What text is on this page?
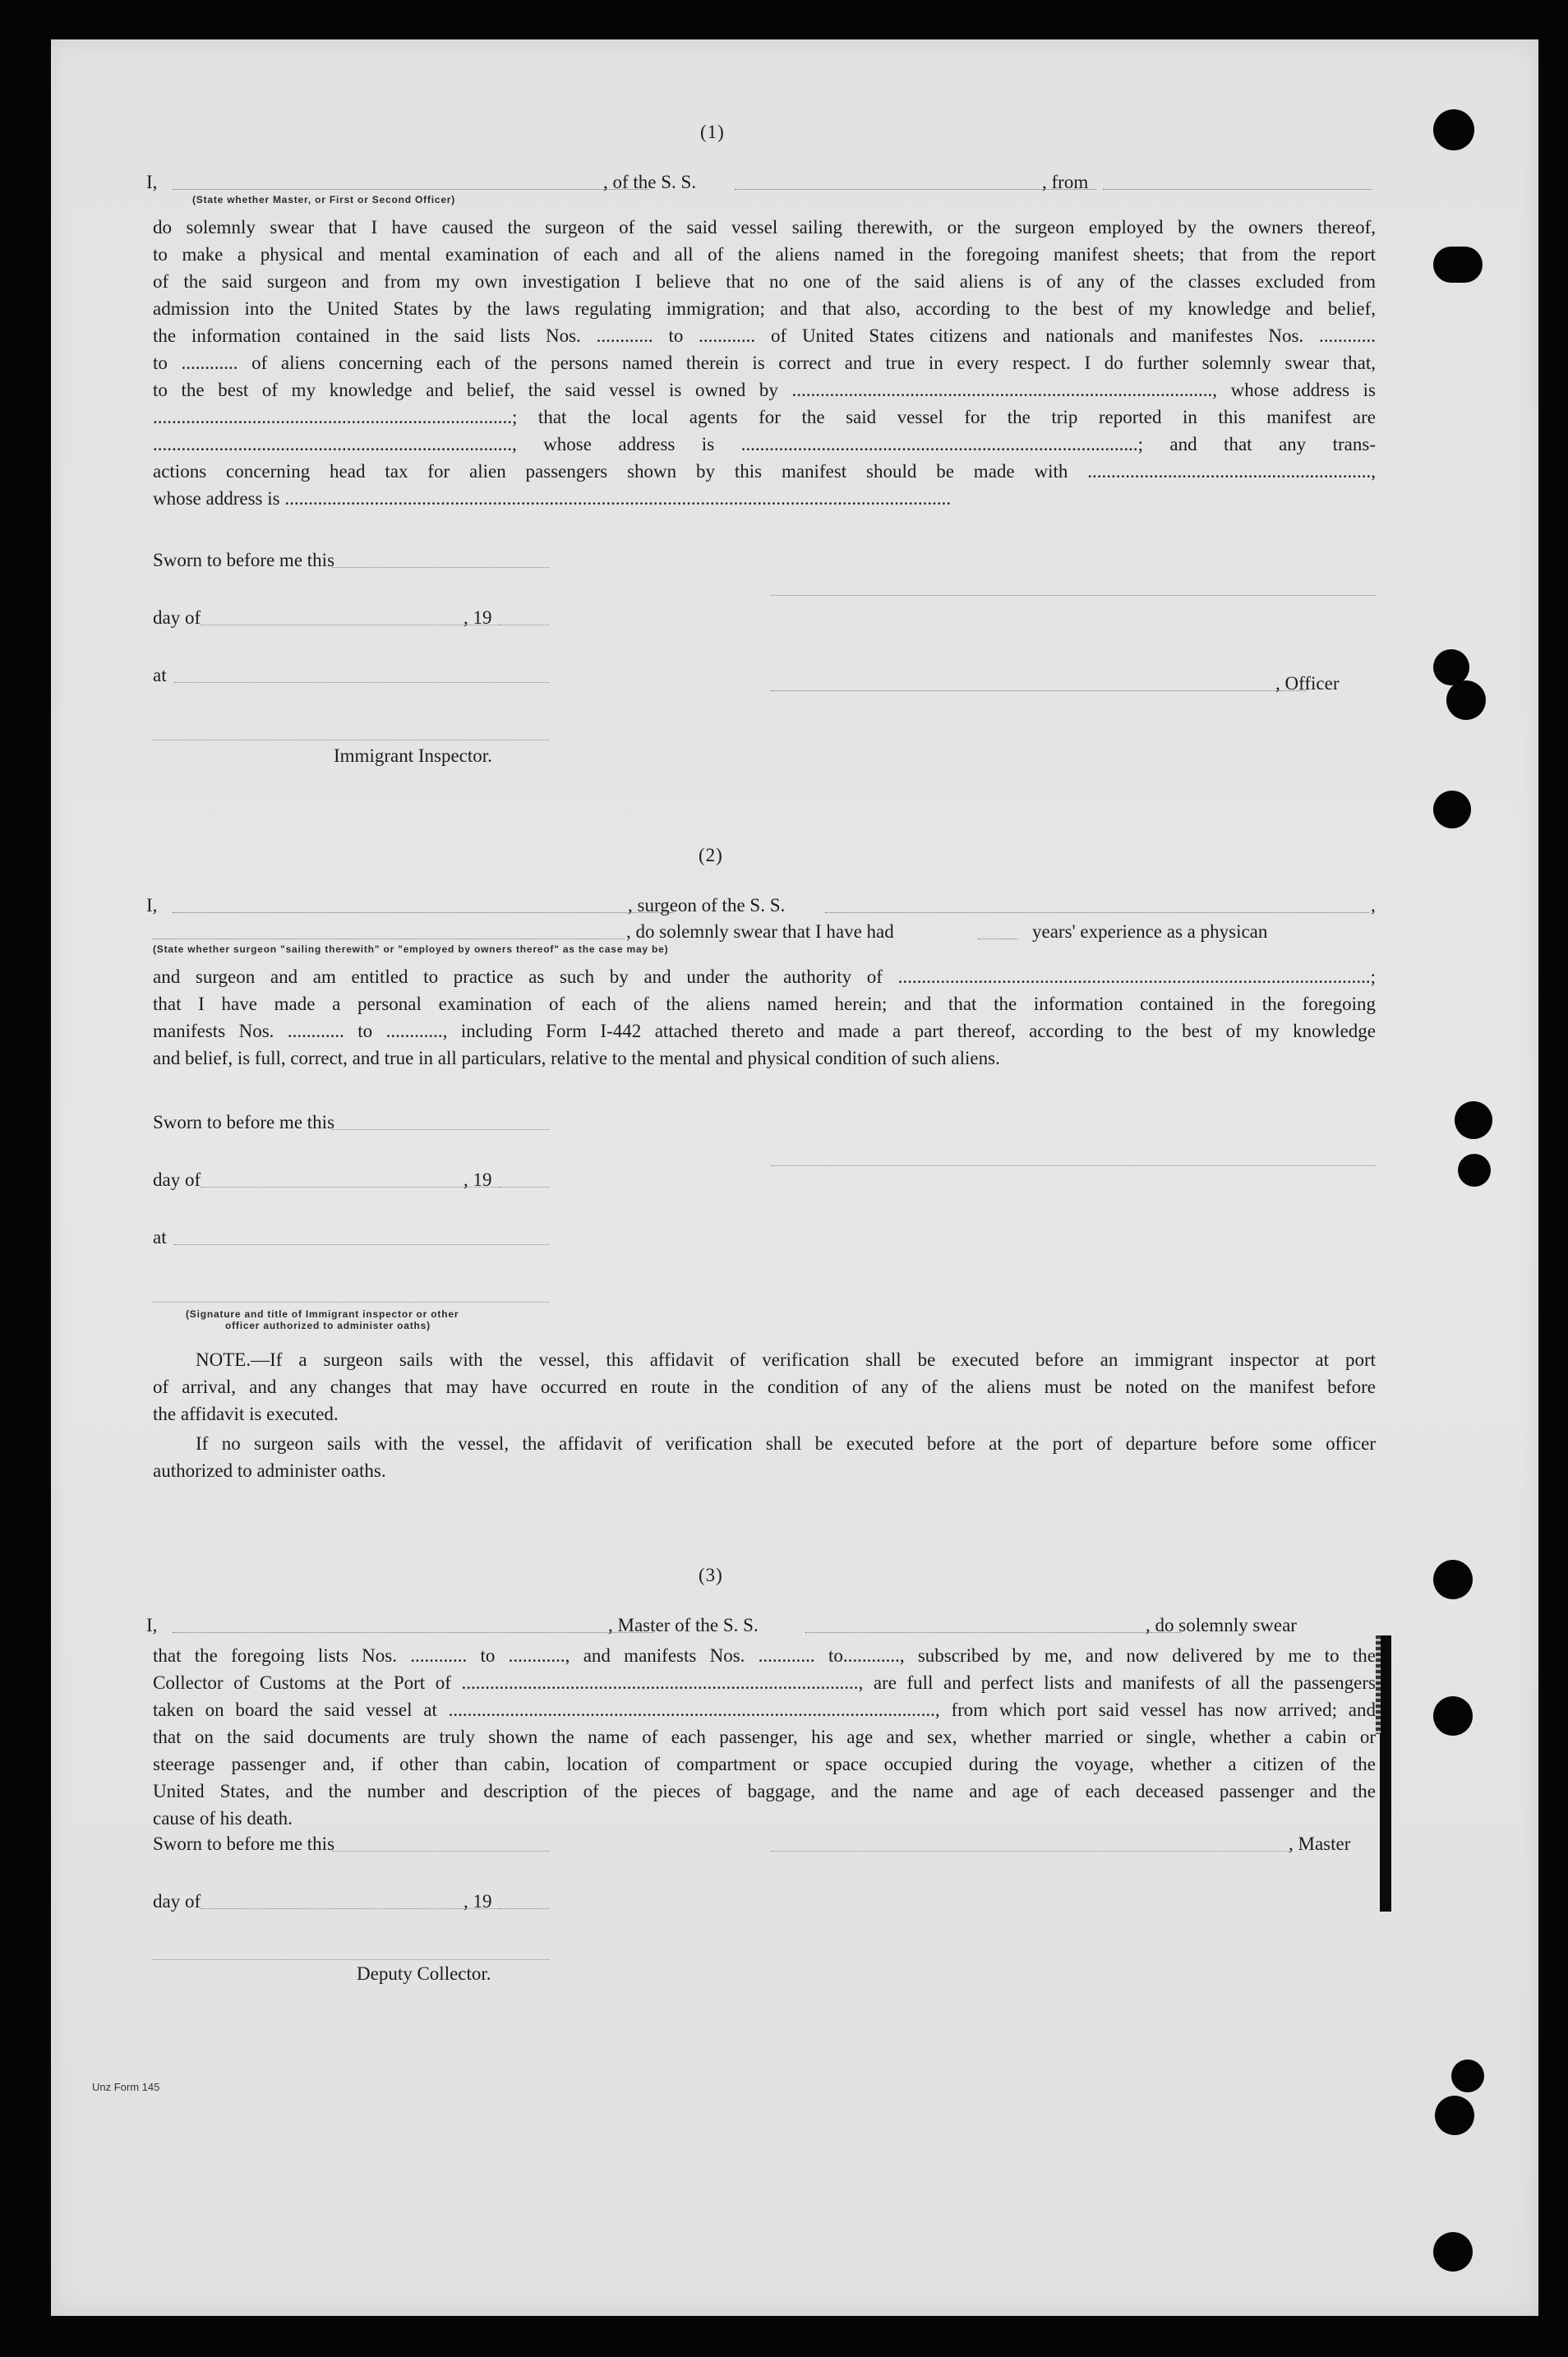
(1)
I,	, of the S. S.	, from
(State whether Master, or First or Second Officer)
do solemnly swear that I have caused the surgeon of the said vessel sailing therewith, or the surgeon employed by the owners thereof,
to make a physical and mental examination of each and all of the aliens named in the foregoing manifest sheets; that from the report
of the said surgeon and from my own investigation I believe that no one of the said aliens is of any of the classes excluded from
admission into the United States by the laws regulating immigration; and that also, according to the best of my knowledge and belief,
the information contained in the said lists Nos. ............ to ............ of United States citizens and nationals and manifestes Nos. ............
to ............ of aliens concerning each of the persons named therein is correct and true in every respect. I do further solemnly swear that,
to the best of my knowledge and belief, the said vessel is owned by ........................................................................................., whose address is
............................................................................; that the local agents for the said vessel for the trip reported in this manifest are
............................................................................, whose address is ....................................................................................; and that any trans-
actions concerning head tax for alien passengers shown by this manifest should be made with ............................................................,
whose address is .............................................................................................................................................
Sworn to before me this
day of	, 19
at	, Officer
Immigrant Inspector.
(2)
I,	, surgeon of the S. S.	,
, do solemnly swear that I have had	years' experience as a physican
(State whether surgeon "sailing therewith" or "employed by owners thereof" as the case may be)
and surgeon and am entitled to practice as such by and under the authority of ....................................................................................................;
that I have made a personal examination of each of the aliens named herein; and that the information contained in the foregoing
manifests Nos. ............ to ............, including Form I-442 attached thereto and made a part thereof, according to the best of my knowledge
and belief, is full, correct, and true in all particulars, relative to the mental and physical condition of such aliens.
Sworn to before me this
day of	, 19
at
(Signature and title of Immigrant inspector or other
officer authorized to administer oaths)
NOTE.—If a surgeon sails with the vessel, this affidavit of verification shall be executed before an immigrant inspector at port
of arrival, and any changes that may have occurred en route in the condition of any of the aliens must be noted on the manifest before
the affidavit is executed.
If no surgeon sails with the vessel, the affidavit of verification shall be executed before at the port of departure before some officer
authorized to administer oaths.
(3)
I,	, Master of the S. S.	, do solemnly swear
that the foregoing lists Nos. ............ to ............, and manifests Nos. ............ to............, subscribed by me, and now delivered by me to the
Collector of Customs at the Port of ...................................................................................., are full and perfect lists and manifests of all the passengers
taken on board the said vessel at ......................................................................................................., from which port said vessel has now arrived; and
that on the said documents are truly shown the name of each passenger, his age and sex, whether married or single, whether a cabin or
steerage passenger and, if other than cabin, location of compartment or space occupied during the voyage, whether a citizen of the
United States, and the number and description of the pieces of baggage, and the name and age of each deceased passenger and the
cause of his death.
Sworn to before me this	, Master
day of	, 19
Deputy Collector.
Unz Form 145
